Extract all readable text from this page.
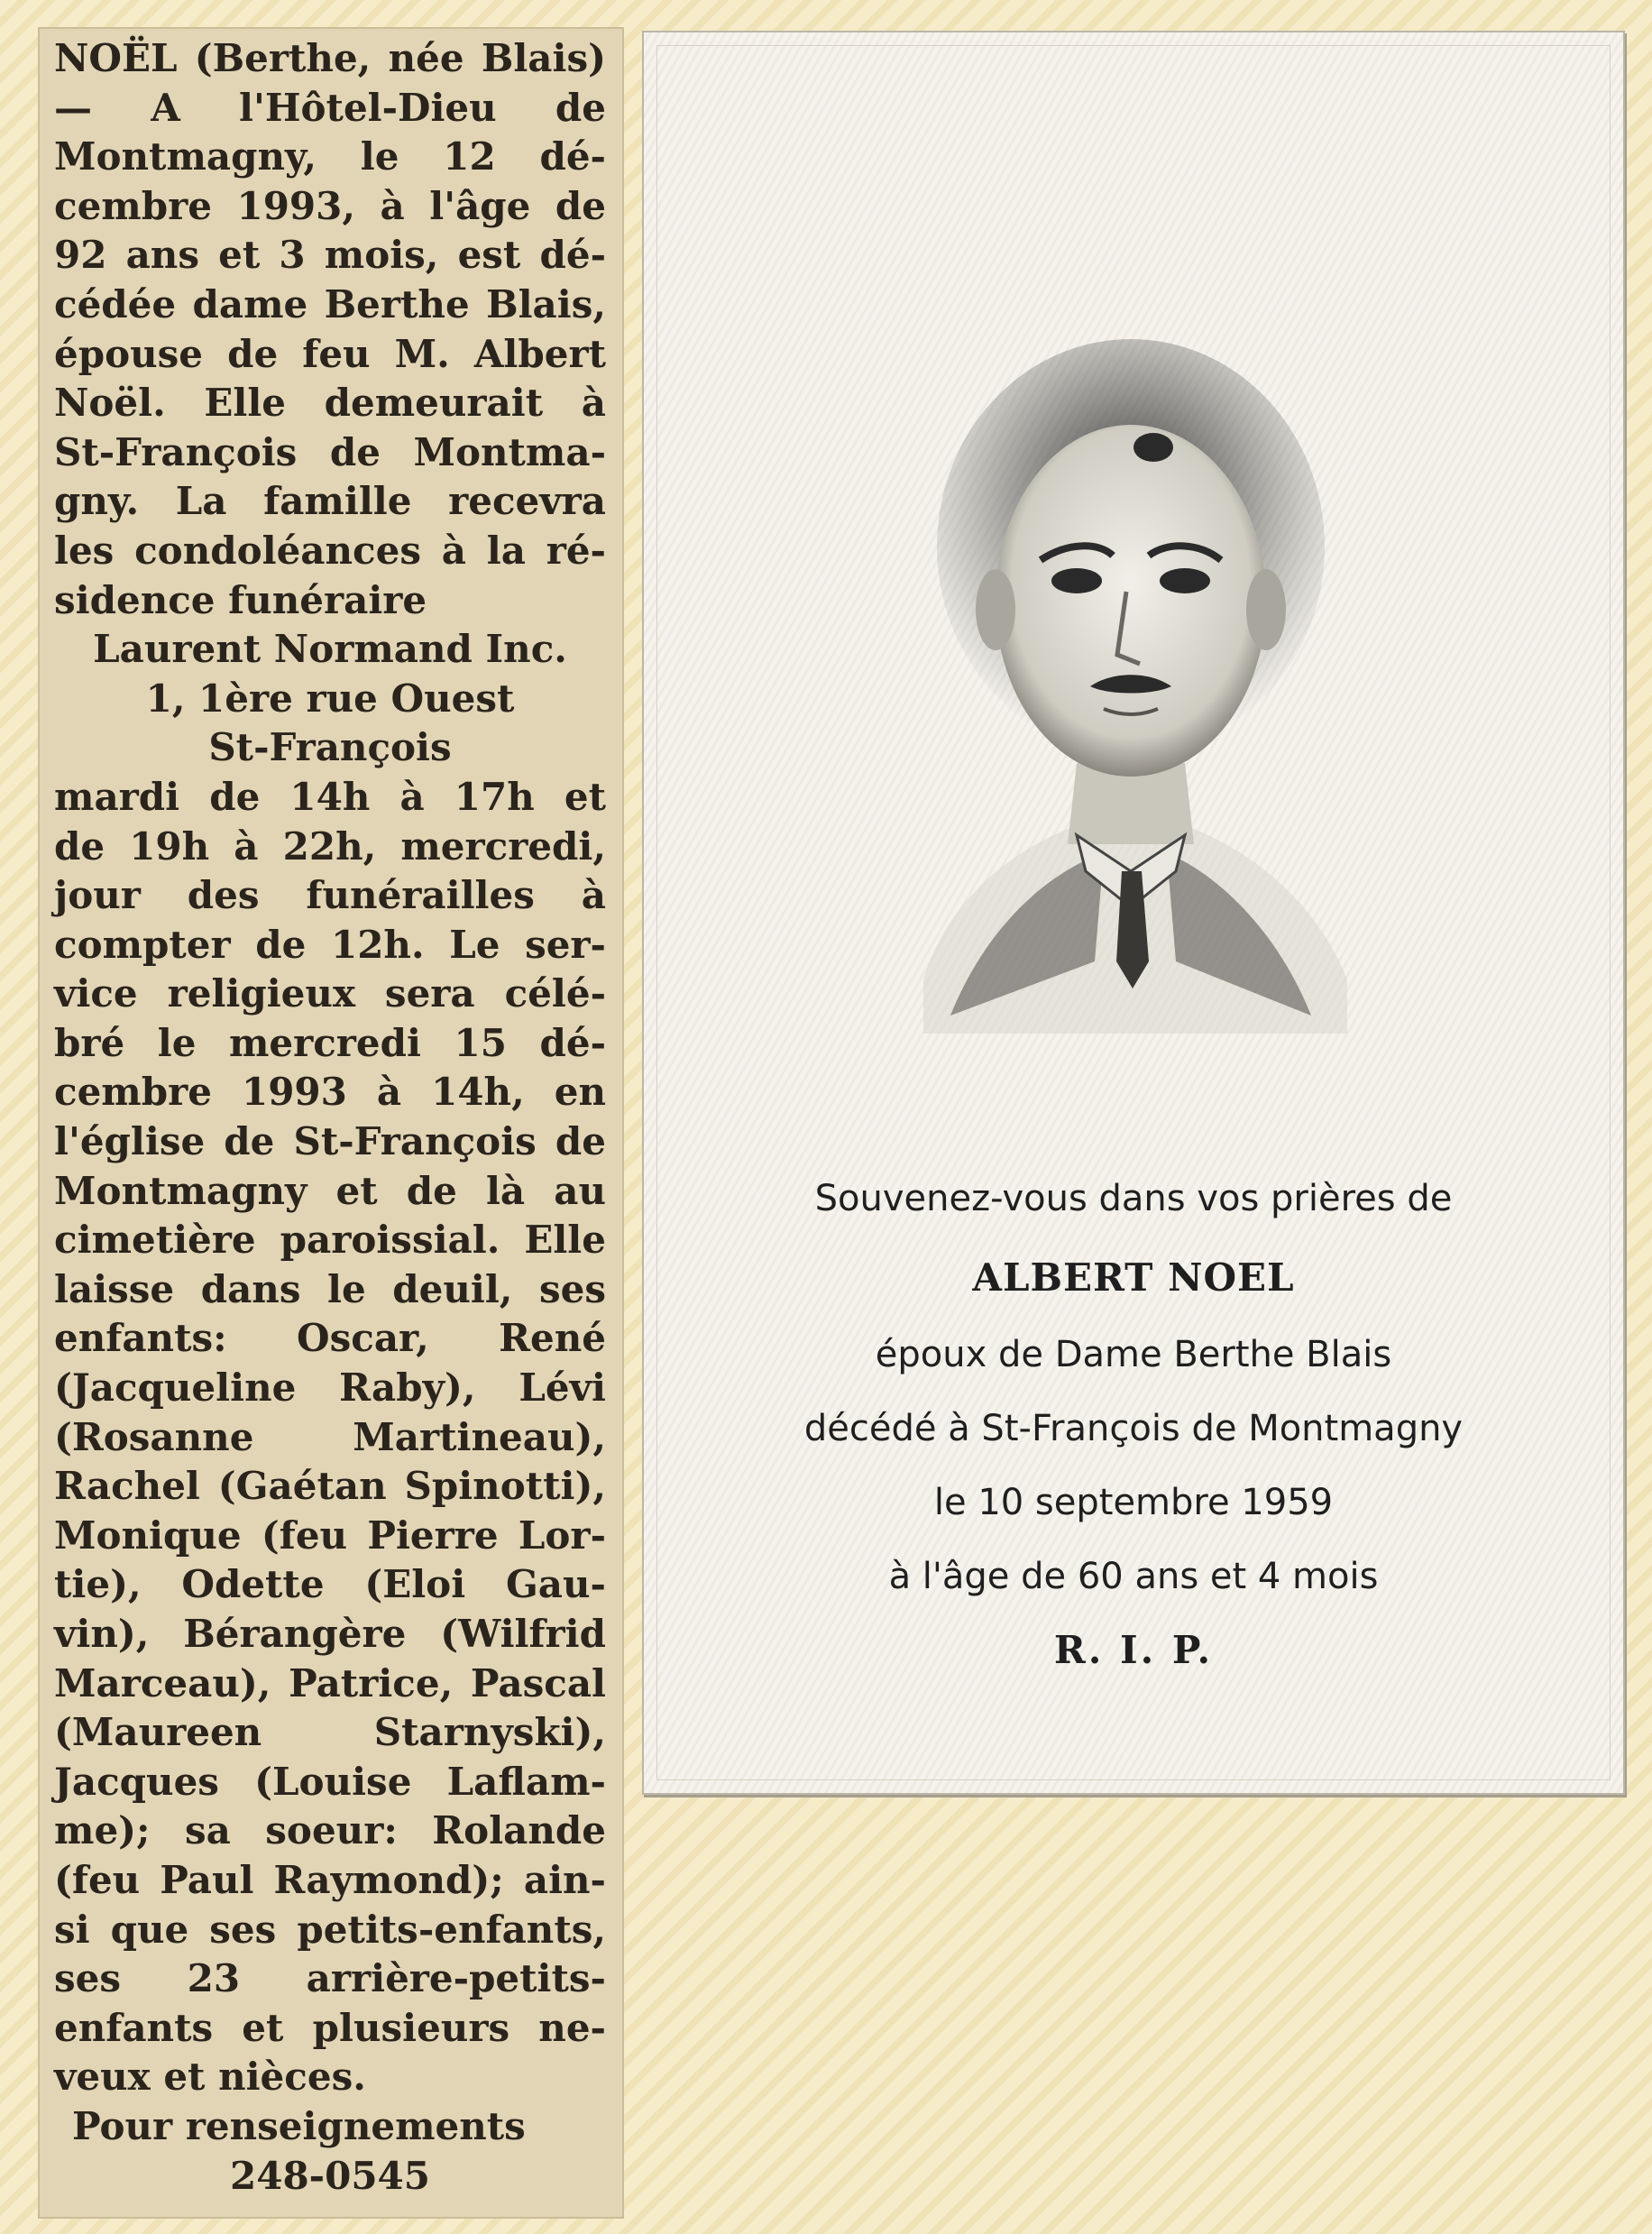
NOËL (Berthe, née Blais)
— A l'Hôtel-Dieu de
Montmagny, le 12 dé-
cembre 1993, à l'âge de
92 ans et 3 mois, est dé-
cédée dame Berthe Blais,
épouse de feu M. Albert
Noël. Elle demeurait à
St-François de Montma-
gny. La famille recevra
les condoléances à la ré-
sidence funéraire
Laurent Normand Inc.
1, 1ère rue Ouest
St-François
mardi de 14h à 17h et
de 19h à 22h, mercredi,
jour des funérailles à
compter de 12h. Le ser-
vice religieux sera célé-
bré le mercredi 15 dé-
cembre 1993 à 14h, en
l'église de St-François de
Montmagny et de là au
cimetière paroissial. Elle
laisse dans le deuil, ses
enfants: Oscar, René
(Jacqueline Raby), Lévi
(Rosanne Martineau),
Rachel (Gaétan Spinotti),
Monique (feu Pierre Lor-
tie), Odette (Eloi Gau-
vin), Bérangère (Wilfrid
Marceau), Patrice, Pascal
(Maureen Starnyski),
Jacques (Louise Laflam-
me); sa soeur: Rolande
(feu Paul Raymond); ain-
si que ses petits-enfants,
ses 23 arrière-petits-
enfants et plusieurs ne-
veux et nièces.
Pour renseignements
248-0545
Souvenez-vous dans vos prières de
ALBERT NOEL
époux de Dame Berthe Blais
décédé à St-François de Montmagny
le 10 septembre 1959
à l'âge de 60 ans et 4 mois
R. I. P.
